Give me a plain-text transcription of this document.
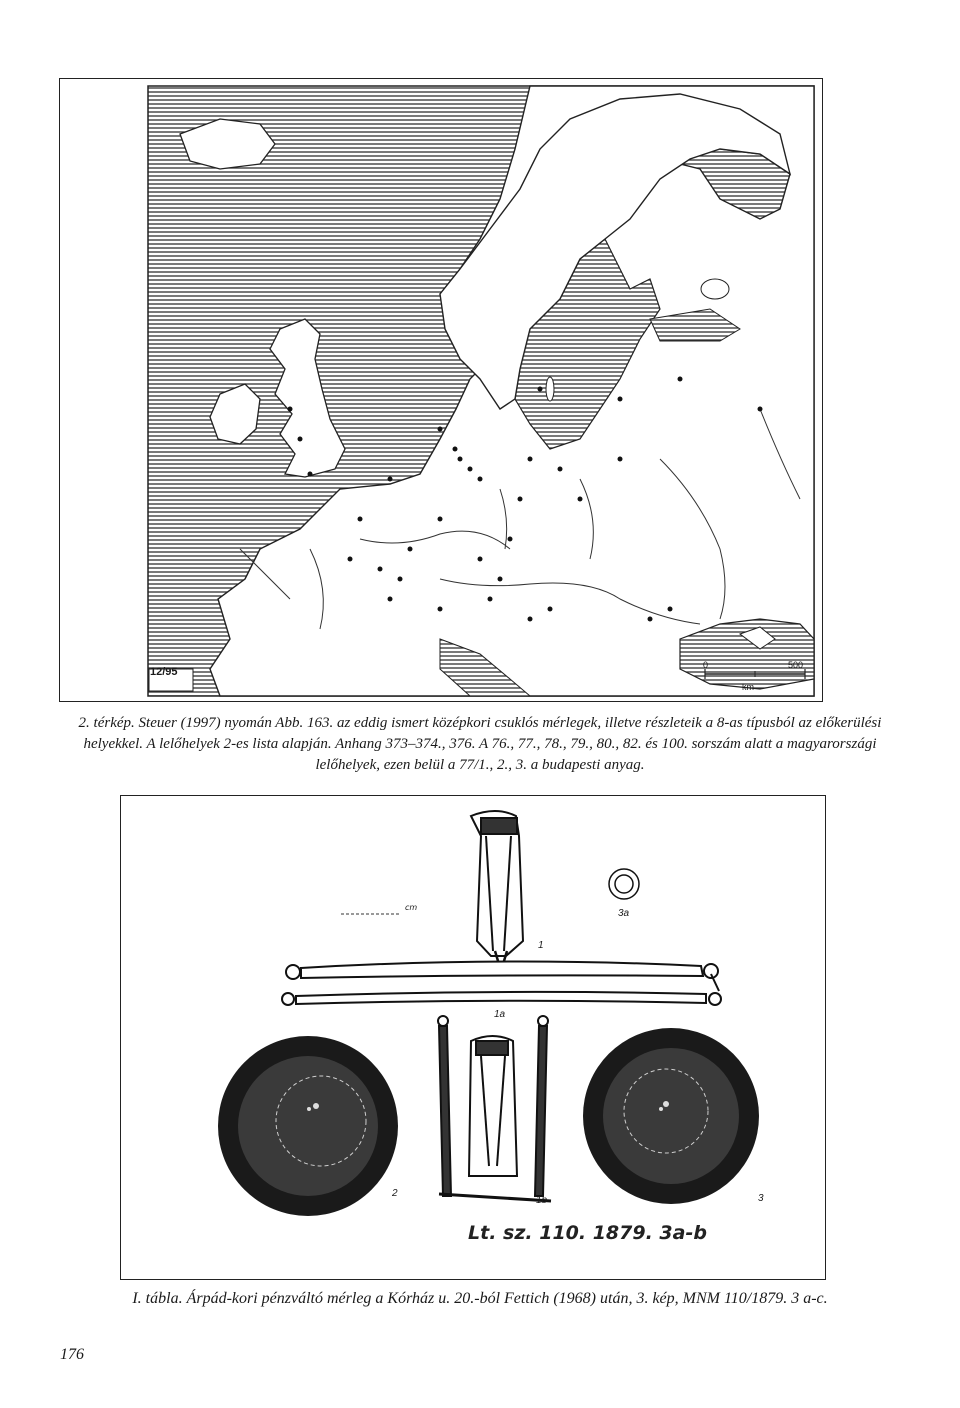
12/95
0	500
km
2. térkép. Steuer (1997) nyomán Abb. 163. az eddig ismert középkori csuklós mérlegek, illetve részleteik a 8-as típusból az előkerülési
helyekkel. A lelőhelyek 2-es lista alapján. Anhang 373–374., 376. A 76., 77., 78., 79., 80., 82. és 100. sorszám alatt a magyarországi
lelőhelyek, ezen belül a 77/1., 2., 3. a budapesti anyag.
1
1a
1b
2	3
3a
cm
Lt. sz. 110. 1879. 3a-b
I. tábla. Árpád-kori pénzváltó mérleg a Kórház u. 20.-ból Fettich (1968) után, 3. kép, MNM 110/1879. 3 a-c.
176
